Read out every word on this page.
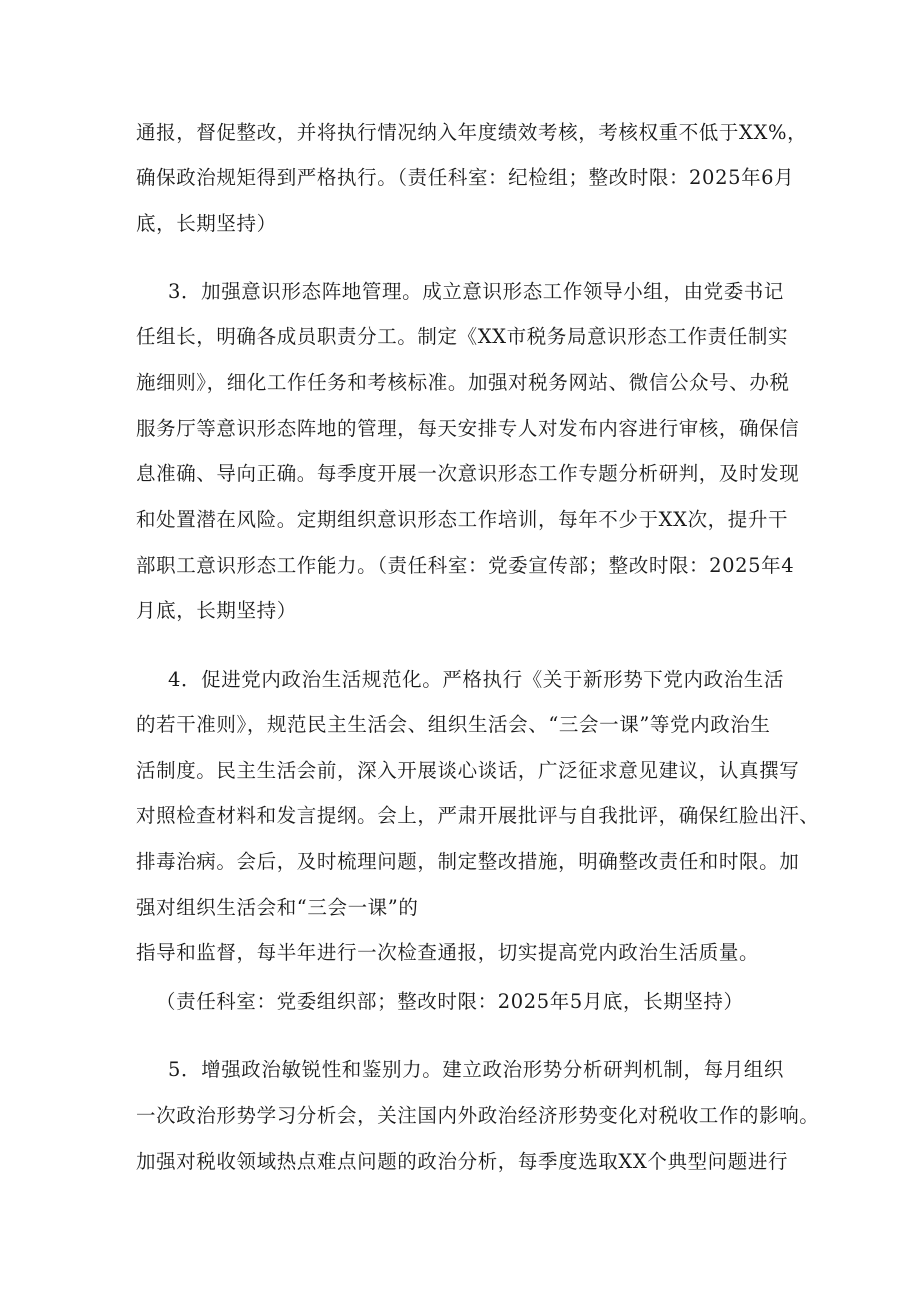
通报，督促整改，并将执行情况纳入年度绩效考核，考核权重不低于XX%，
确保政治规矩得到严格执行。（责任科室：纪检组；整改时限：2025年6月
底，长期坚持）
3．加强意识形态阵地管理。成立意识形态工作领导小组，由党委书记
任组长，明确各成员职责分工。制定《XX市税务局意识形态工作责任制实
施细则》，细化工作任务和考核标准。加强对税务网站、微信公众号、办税
服务厅等意识形态阵地的管理，每天安排专人对发布内容进行审核，确保信
息准确、导向正确。每季度开展一次意识形态工作专题分析研判，及时发现
和处置潜在风险。定期组织意识形态工作培训，每年不少于XX次，提升干
部职工意识形态工作能力。（责任科室：党委宣传部；整改时限：2025年4
月底，长期坚持）
4．促进党内政治生活规范化。严格执行《关于新形势下党内政治生活
的若干准则》，规范民主生活会、组织生活会、“三会一课”等党内政治生
活制度。民主生活会前，深入开展谈心谈话，广泛征求意见建议，认真撰写
对照检查材料和发言提纲。会上，严肃开展批评与自我批评，确保红脸出汗、
排毒治病。会后，及时梳理问题，制定整改措施，明确整改责任和时限。加
强对组织生活会和“三会一课”的
指导和监督，每半年进行一次检查通报，切实提高党内政治生活质量。
（责任科室：党委组织部；整改时限：2025年5月底，长期坚持）
5．增强政治敏锐性和鉴别力。建立政治形势分析研判机制，每月组织
一次政治形势学习分析会，关注国内外政治经济形势变化对税收工作的影响。
加强对税收领域热点难点问题的政治分析，每季度选取XX个典型问题进行
